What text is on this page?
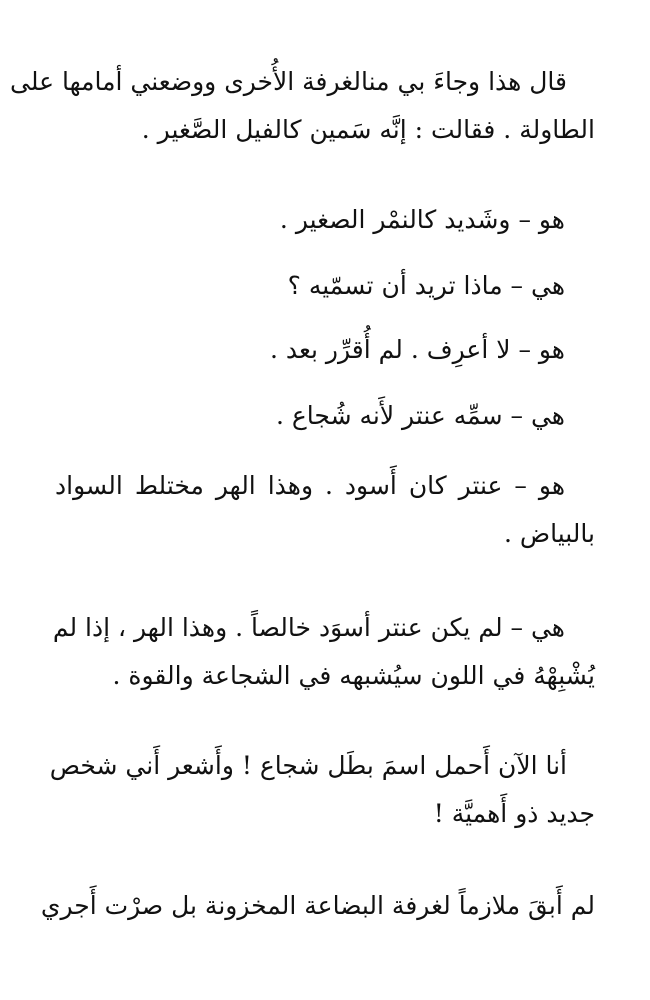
قال هذا وجاءَ بي منالغرفة الأُخرى ووضعني أمامها على
الطاولة . فقالت : إنَّه سَمين كالفيل الصَّغير .
هو – وشَديد كالنمْر الصغير .
هي – ماذا تريد أن تسمّيه ؟
هو – لا أعرِف . لم أُقرِّر بعد .
هي – سمِّه عنتر لأَنه شُجاع .
هو – عنتر كان أَسود . وهذا الهر مختلط السواد
بالبياض .
هي – لم يكن عنتر أسوَد خالصاً . وهذا الهر ، إذا لم
يُشْبِهْهُ في اللون سيُشبهه في الشجاعة والقوة .
أنا الآن أَحمل اسمَ بطَل شجاع ! وأَشعر أَني شخص
جديد ذو أَهميَّة !
لم أَبقَ ملازماً لغرفة البضاعة المخزونة بل صرْت أَجري
